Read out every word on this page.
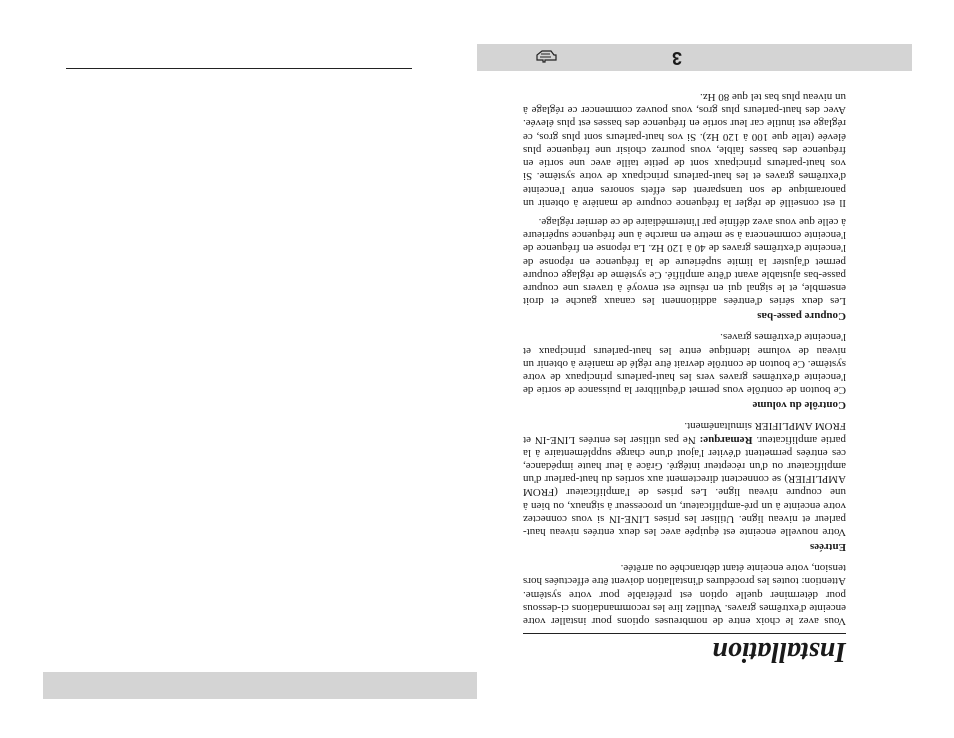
Installation

Vous avez le choix entre de nombreuses options pour installer votre enceinte d'extrêmes graves. Veuillez lire les recommandations ci-dessous pour déterminer quelle option est préférable pour votre système. Attention: toutes les procédures d'installation doivent être effectuées hors tension, votre enceinte étant débranchée ou arrêtée.

Entrées

Votre nouvelle enceinte est équipée avec les deux entrées niveau haut-parleur et niveau ligne. Utiliser les prises LINE-IN si vous connectez votre enceinte à un pré-amplificateur, un processeur à signaux, ou bien à une coupure niveau ligne. Les prises de l'amplificateur (FROM AMPLIFIER) se connectent directement aux sorties du haut-parleur d'un amplificateur ou d'un récepteur intégré. Grâce à leur haute impédance, ces entrées permettent d'éviter l'ajout d'une charge supplémentaire à la partie amplificateur. Remarque: Ne pas utiliser les entrées LINE-IN et FROM AMPLIFIER simultanément.

Contrôle du volume

Ce bouton de contrôle vous permet d'équilibrer la puissance de sortie de l'enceinte d'extrêmes graves vers les haut-parleurs principaux de votre système. Ce bouton de contrôle devrait être réglé de manière à obtenir un niveau de volume identique entre les haut-parleurs principaux et l'enceinte d'extrêmes graves.

Coupure passe-bas

Les deux séries d'entrées additionnent les canaux gauche et droit ensemble, et le signal qui en résulte est envoyé à travers une coupure passe-bas ajustable avant d'être amplifié. Ce système de réglage coupure permet d'ajuster la limite supérieure de la fréquence en réponse de l'enceinte d'extrêmes graves de 40 à 120 Hz. La réponse en fréquence de l'enceinte commencera à se mettre en marche à une fréquence supérieure à celle que vous avez définie par l'intermédiaire de ce dernier réglage.

Il est conseillé de régler la fréquence coupure de manière à obtenir un panoramique de son transparent des effets sonores entre l'enceinte d'extrêmes graves et les haut-parleurs principaux de votre système. Si vos haut-parleurs principaux sont de petite taille avec une sortie en fréquence des basses faible, vous pourrez choisir une fréquence plus élevée (telle que 100 à 120 Hz). Si vos haut-parleurs sont plus gros, ce réglage est inutile car leur sortie en fréquence des basses est plus élevée. Avec des haut-parleurs plus gros, vous pouvez commencer ce réglage à un niveau plus bas tel que 80 Hz.

3
